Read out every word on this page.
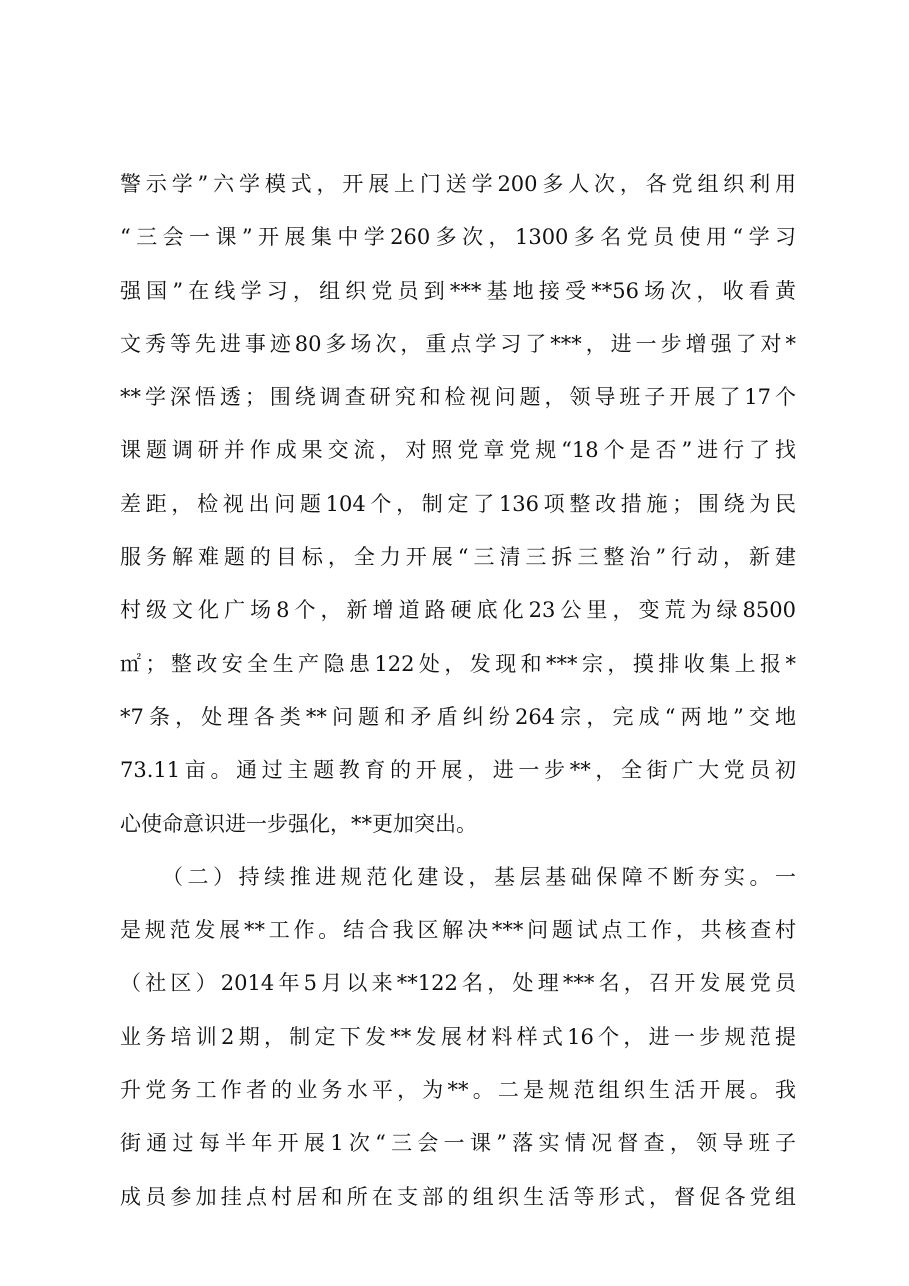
警示学”六学模式，开展上门送学200多人次，各党组织利用
“三会一课”开展集中学260多次，1300多名党员使用“学习
强国”在线学习，组织党员到***基地接受**56场次，收看黄
文秀等先进事迹80多场次，重点学习了***，进一步增强了对*
**学深悟透；围绕调查研究和检视问题，领导班子开展了17个
课题调研并作成果交流，对照党章党规“18个是否”进行了找
差距，检视出问题104个，制定了136项整改措施；围绕为民
服务解难题的目标，全力开展“三清三拆三整治”行动，新建
村级文化广场8个，新增道路硬底化23公里，变荒为绿8500
㎡；整改安全生产隐患122处，发现和***宗，摸排收集上报*
*7条，处理各类**问题和矛盾纠纷264宗，完成“两地”交地
73.11亩。通过主题教育的开展，进一步**，全街广大党员初
心使命意识进一步强化，**更加突出。
（二）持续推进规范化建设，基层基础保障不断夯实。一
是规范发展**工作。结合我区解决***问题试点工作，共核查村
（社区）2014年5月以来**122名，处理***名，召开发展党员
业务培训2期，制定下发**发展材料样式16个，进一步规范提
升党务工作者的业务水平，为**。二是规范组织生活开展。我
街通过每半年开展1次“三会一课”落实情况督查，领导班子
成员参加挂点村居和所在支部的组织生活等形式，督促各党组
